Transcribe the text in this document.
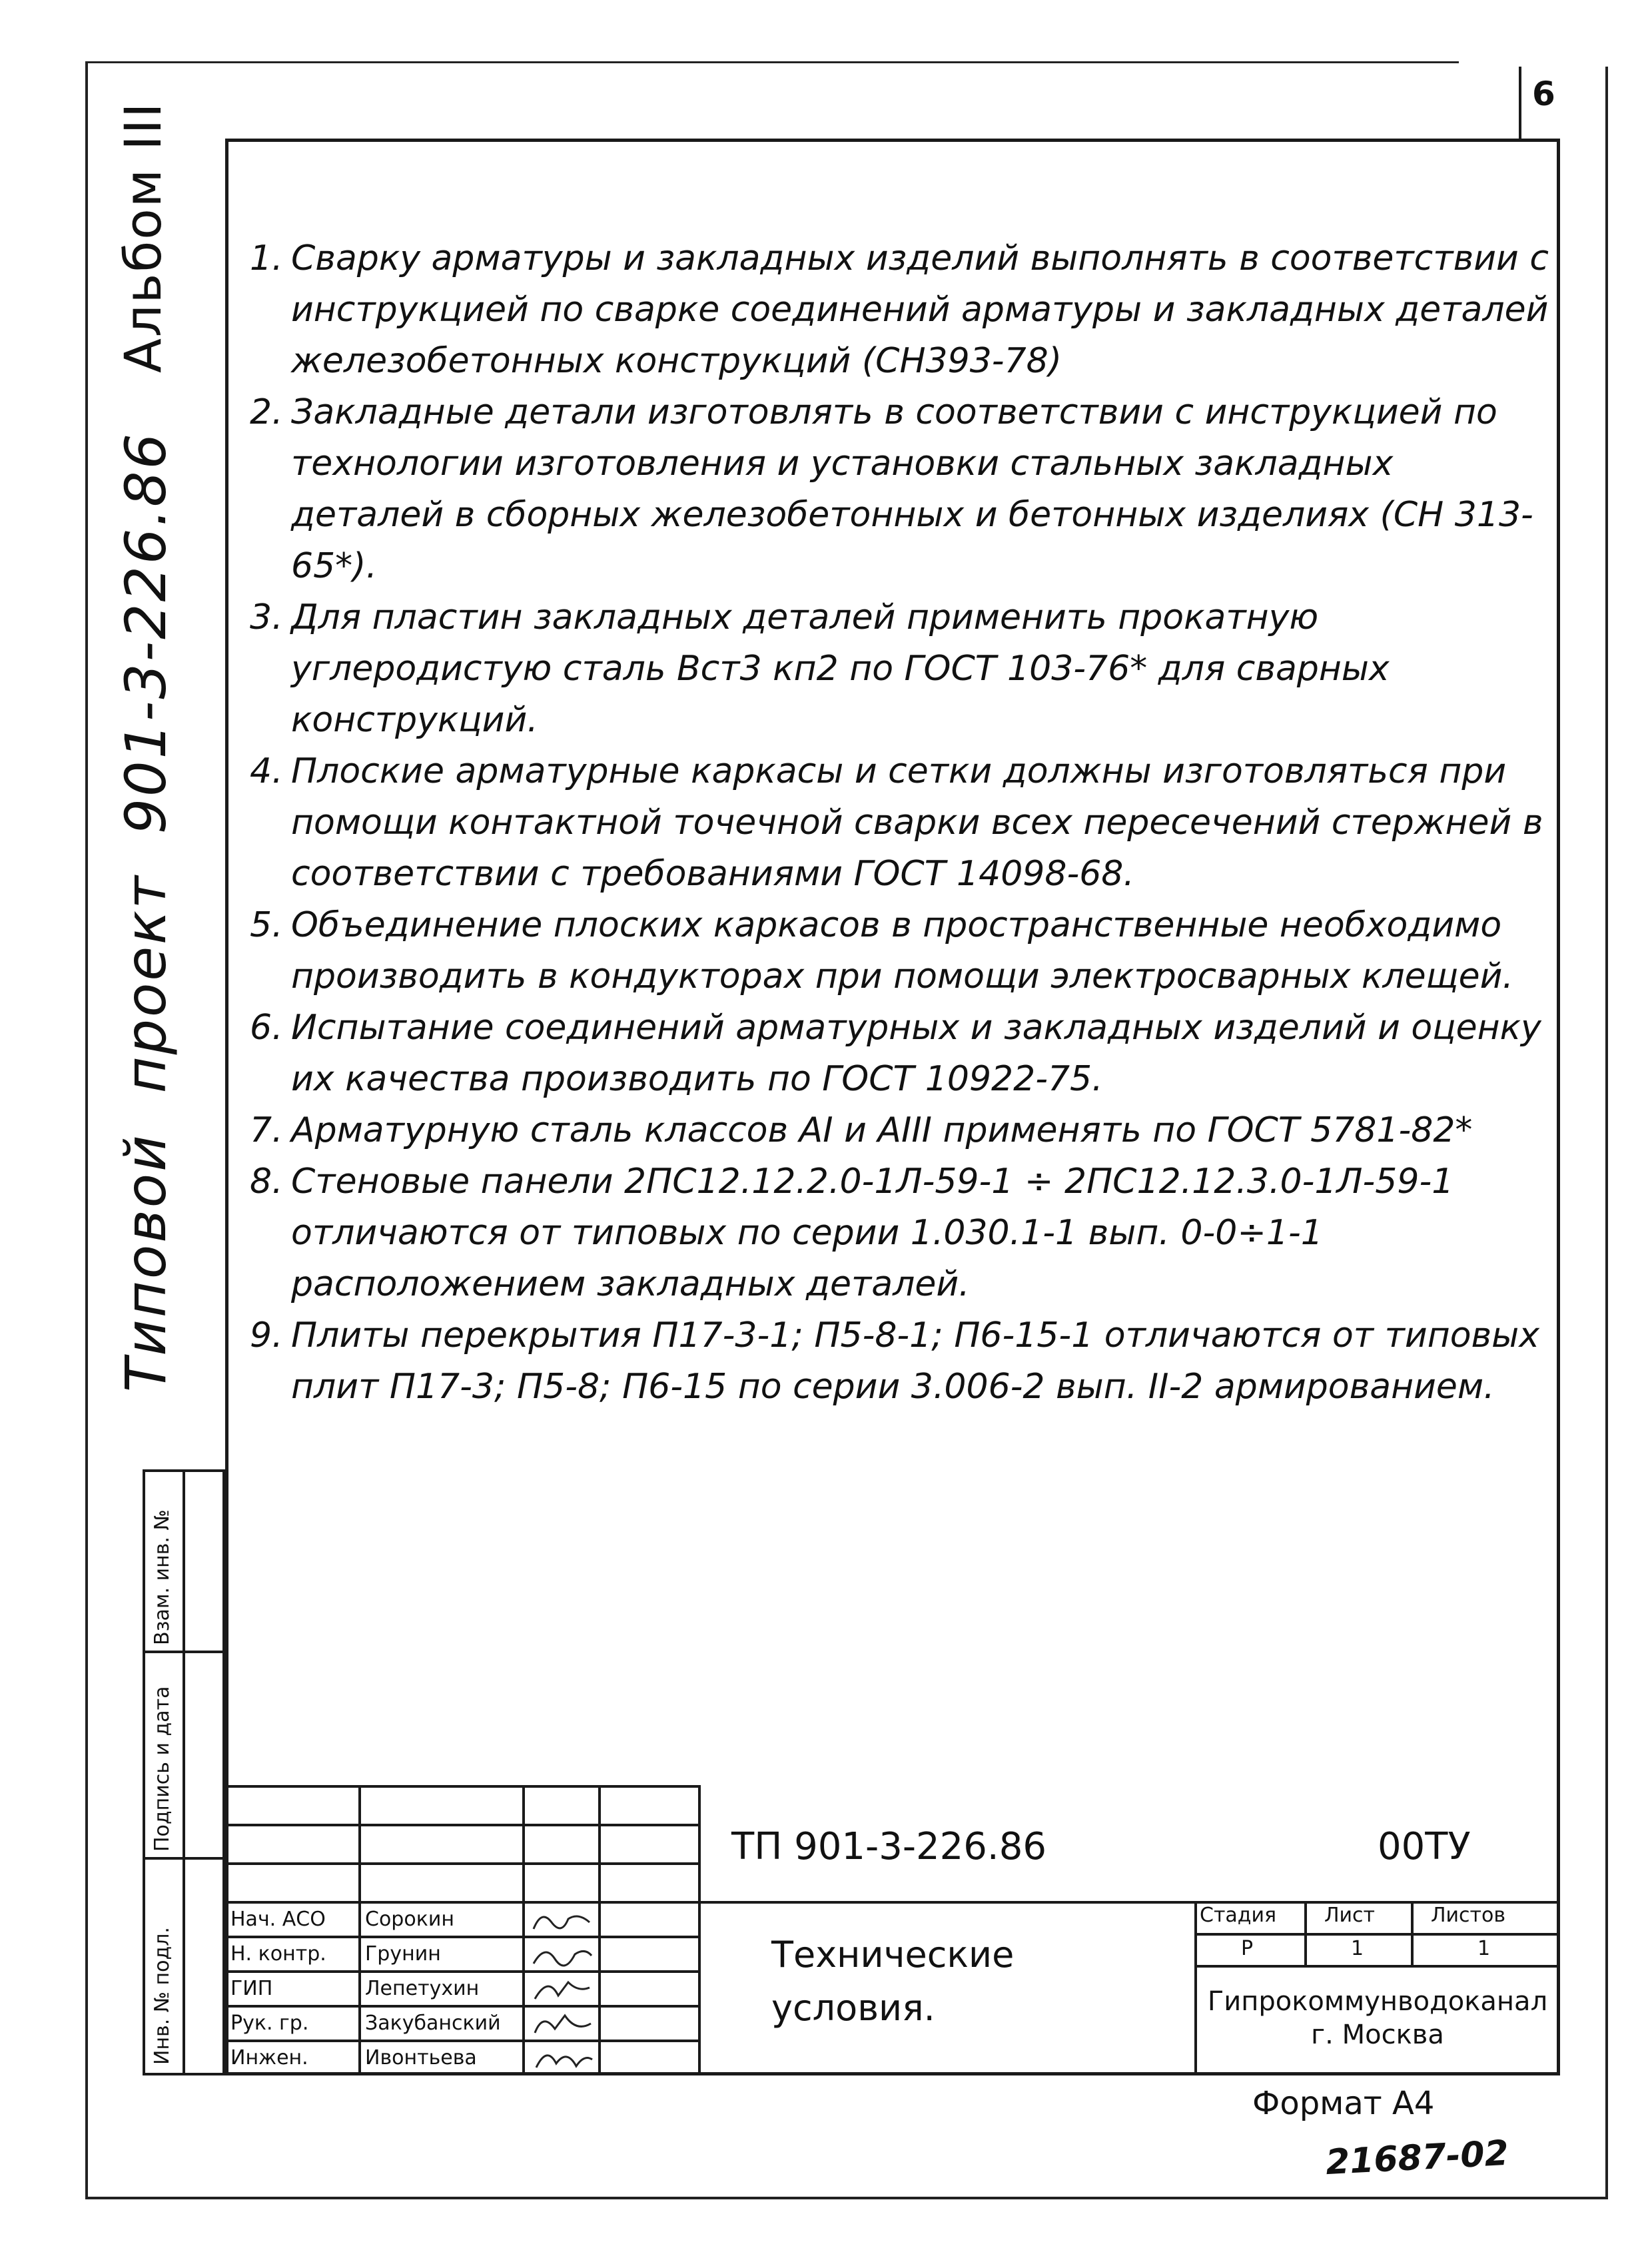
6
Альбом III
Типовойпроект901-3-226.86
1. Сварку арматуры и закладных изделий выполнять в соответствии с инструкцией по сварке соединений арматуры и закладных деталей железобетонных конструкций (СН393-78)
2. Закладные детали изготовлять в соответствии с инструкцией по технологии изготовления и установки стальных закладных деталей в сборных железобетонных и бетонных изделиях (СН 313-65*).
3. Для пластин закладных деталей применить прокатную углеродистую сталь Вст3 кп2 по ГОСТ 103-76* для сварных конструкций.
4. Плоские арматурные каркасы и сетки должны изготовляться при помощи контактной точечной сварки всех пересечений стержней в соответствии с требованиями ГОСТ 14098-68.
5. Объединение плоских каркасов в пространственные необходимо производить в кондукторах при помощи электросварных клещей.
6. Испытание соединений арматурных и закладных изделий и оценку их качества производить по ГОСТ 10922-75.
7. Арматурную сталь классов АI и АIII применять по ГОСТ 5781-82*
8. Стеновые панели 2ПС12.12.2.0-1Л-59-1 ÷ 2ПС12.12.3.0-1Л-59-1 отличаются от типовых по серии 1.030.1-1 вып. 0-0÷1-1 расположением закладных деталей.
9. Плиты перекрытия П17-3-1; П5-8-1; П6-15-1 отличаются от типовых плит П17-3; П5-8; П6-15 по серии 3.006-2 вып. II-2 армированием.
Взам. инв. №
Подпись и дата
Инв. № подл.
ТП 901-3-226.86	00ТУ
Технические
условия.
Стадия Лист	Листов
Р	1	1
Гипрокоммунводоканал
г. Москва
Нач. АСО Сорокин
Н. контр. Грунин
ГИП	Лепетухин
Рук. гр.	Закубанский
Инжен.	Ивонтьева
Формат А4
21687-02
